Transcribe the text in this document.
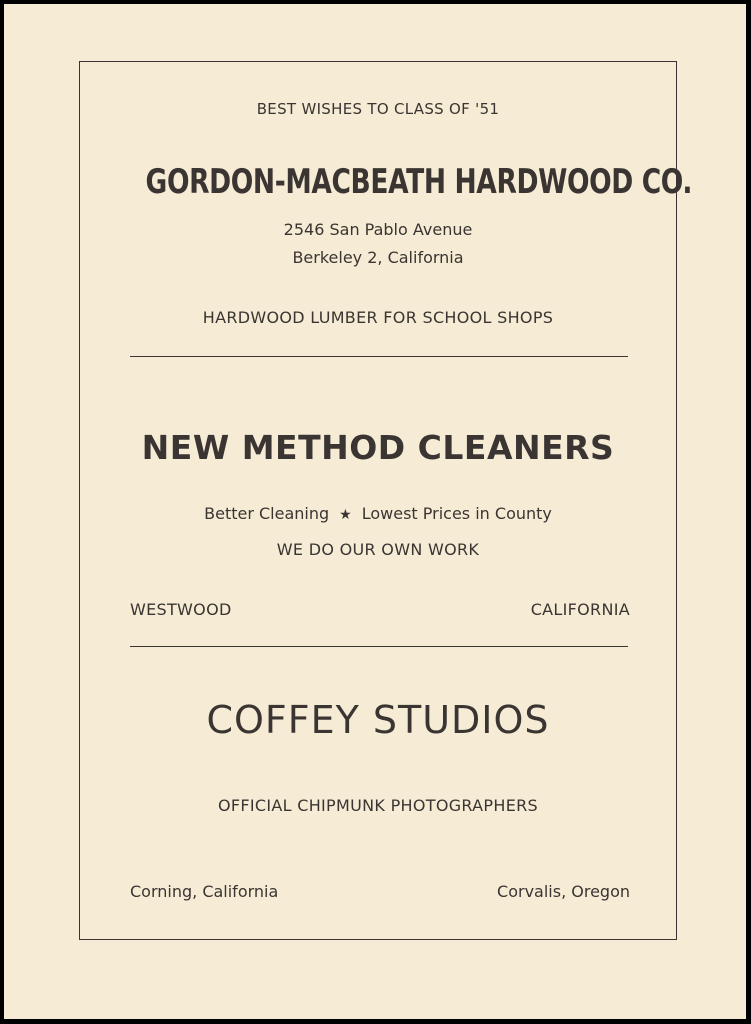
BEST WISHES TO CLASS OF '51
GORDON-MACBEATH HARDWOOD CO.
2546 San Pablo Avenue
Berkeley 2, California
HARDWOOD LUMBER FOR SCHOOL SHOPS
NEW METHOD CLEANERS
Better Cleaning ★ Lowest Prices in County
WE DO OUR OWN WORK
WESTWOOD	CALIFORNIA
COFFEY STUDIOS
OFFICIAL CHIPMUNK PHOTOGRAPHERS
Corning, California	Corvalis, Oregon
